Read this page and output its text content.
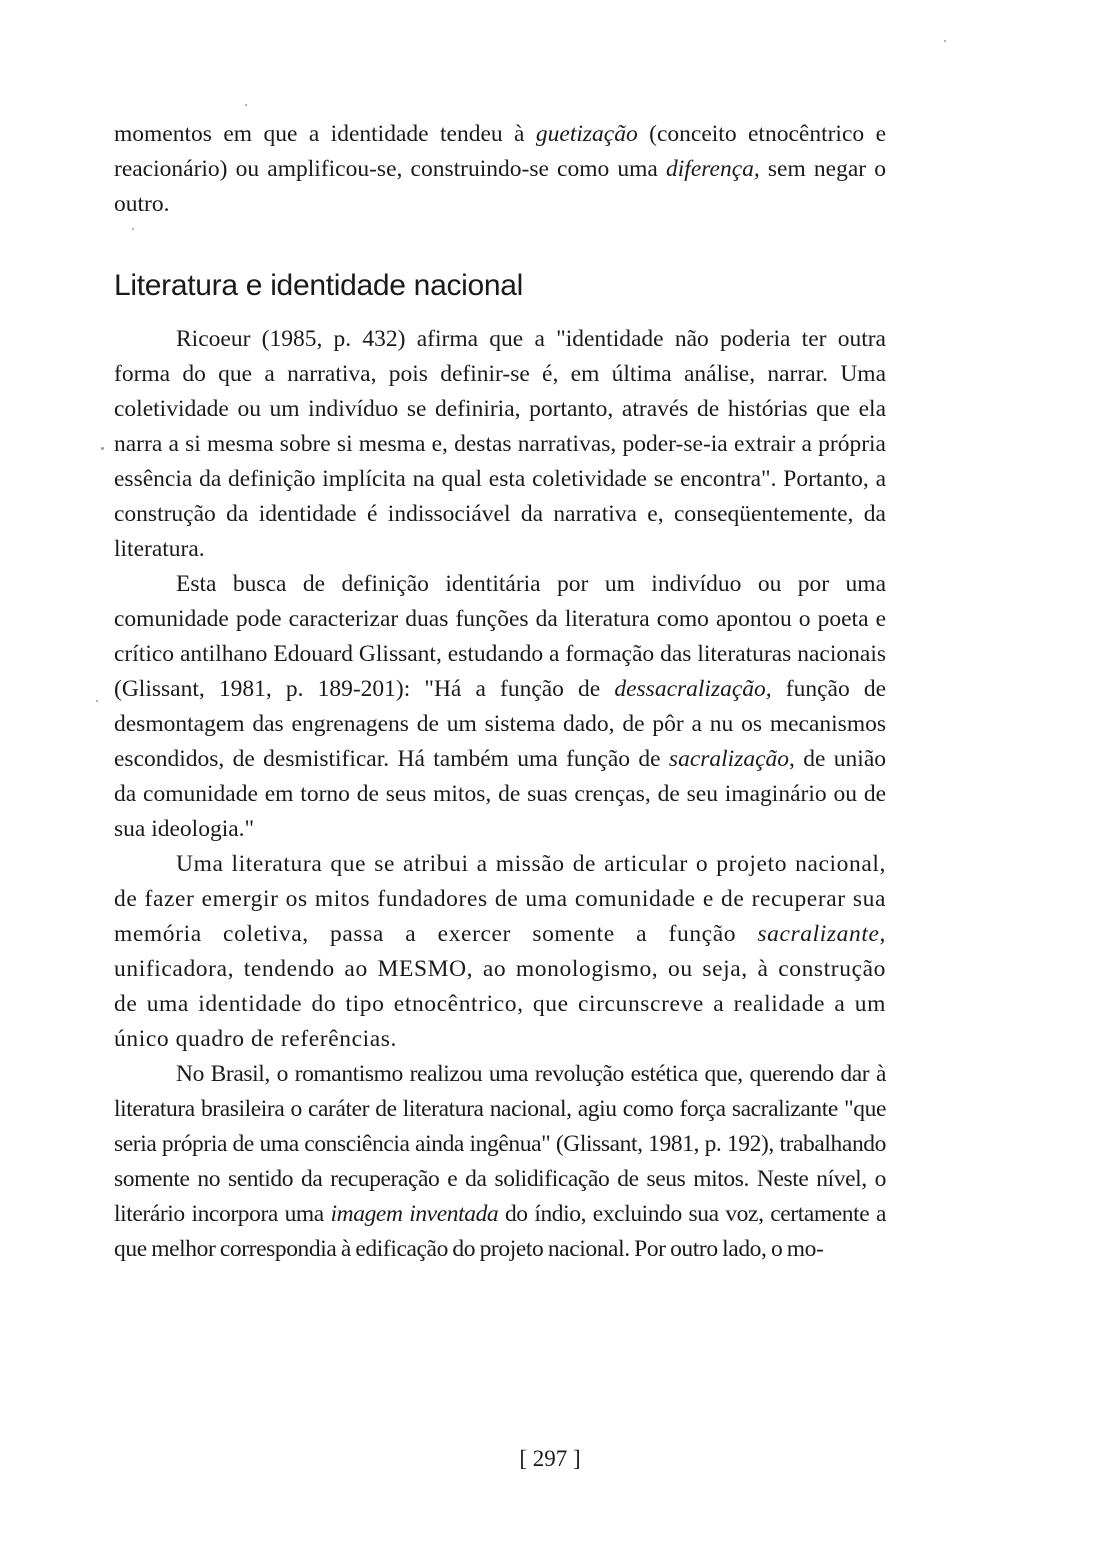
momentos em que a identidade tendeu à guetização (conceito etnocêntrico e reacionário) ou amplificou-se, construindo-se como uma diferença, sem negar o outro.

Literatura e identidade nacional

Ricoeur (1985, p. 432) afirma que a "identidade não poderia ter outra forma do que a narrativa, pois definir-se é, em última análise, narrar. Uma coletividade ou um indivíduo se definiria, portanto, através de histórias que ela narra a si mesma sobre si mesma e, destas narrativas, poder-se-ia extrair a própria essência da definição implícita na qual esta coletividade se encontra". Portanto, a construção da identidade é indissociável da narrativa e, conseqüentemente, da literatura.

Esta busca de definição identitária por um indivíduo ou por uma comunidade pode caracterizar duas funções da literatura como apontou o poeta e crítico antilhano Edouard Glissant, estudando a formação das literaturas nacionais (Glissant, 1981, p. 189-201): "Há a função de dessacralização, função de desmontagem das engrenagens de um sistema dado, de pôr a nu os mecanismos escondidos, de desmistificar. Há também uma função de sacralização, de união da comunidade em torno de seus mitos, de suas crenças, de seu imaginário ou de sua ideologia."

Uma literatura que se atribui a missão de articular o projeto nacional, de fazer emergir os mitos fundadores de uma comunidade e de recuperar sua memória coletiva, passa a exercer somente a função sacralizante, unificadora, tendendo ao MESMO, ao monologismo, ou seja, à construção de uma identidade do tipo etnocêntrico, que circunscreve a realidade a um único quadro de referências.

No Brasil, o romantismo realizou uma revolução estética que, querendo dar à literatura brasileira o caráter de literatura nacional, agiu como força sacralizante "que seria própria de uma consciência ainda ingênua" (Glissant, 1981, p. 192), trabalhando somente no sentido da recuperação e da solidificação de seus mitos. Neste nível, o literário incorpora uma imagem inventada do índio, excluindo sua voz, certamente a que melhor correspondia à edificação do projeto nacional. Por outro lado, o mo-

[ 297 ]
